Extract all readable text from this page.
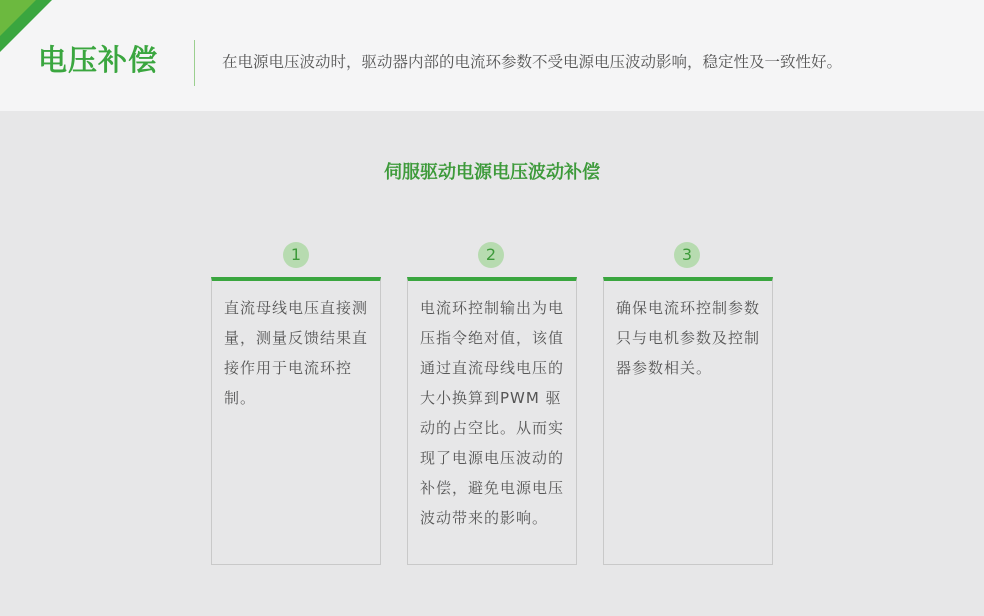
电压补偿	在电源电压波动时，驱动器内部的电流环参数不受电源电压波动影响，稳定性及一致性好。
伺服驱动电源电压波动补偿
1	2	3
直流母线电压直接测量，测量反馈结果直接作用于电流环控制。
电流环控制输出为电压指令绝对值，该值通过直流母线电压的大小换算到PWM 驱动的占空比。从而实现了电源电压波动的补偿，避免电源电压波动带来的影响。
确保电流环控制参数只与电机参数及控制器参数相关。
